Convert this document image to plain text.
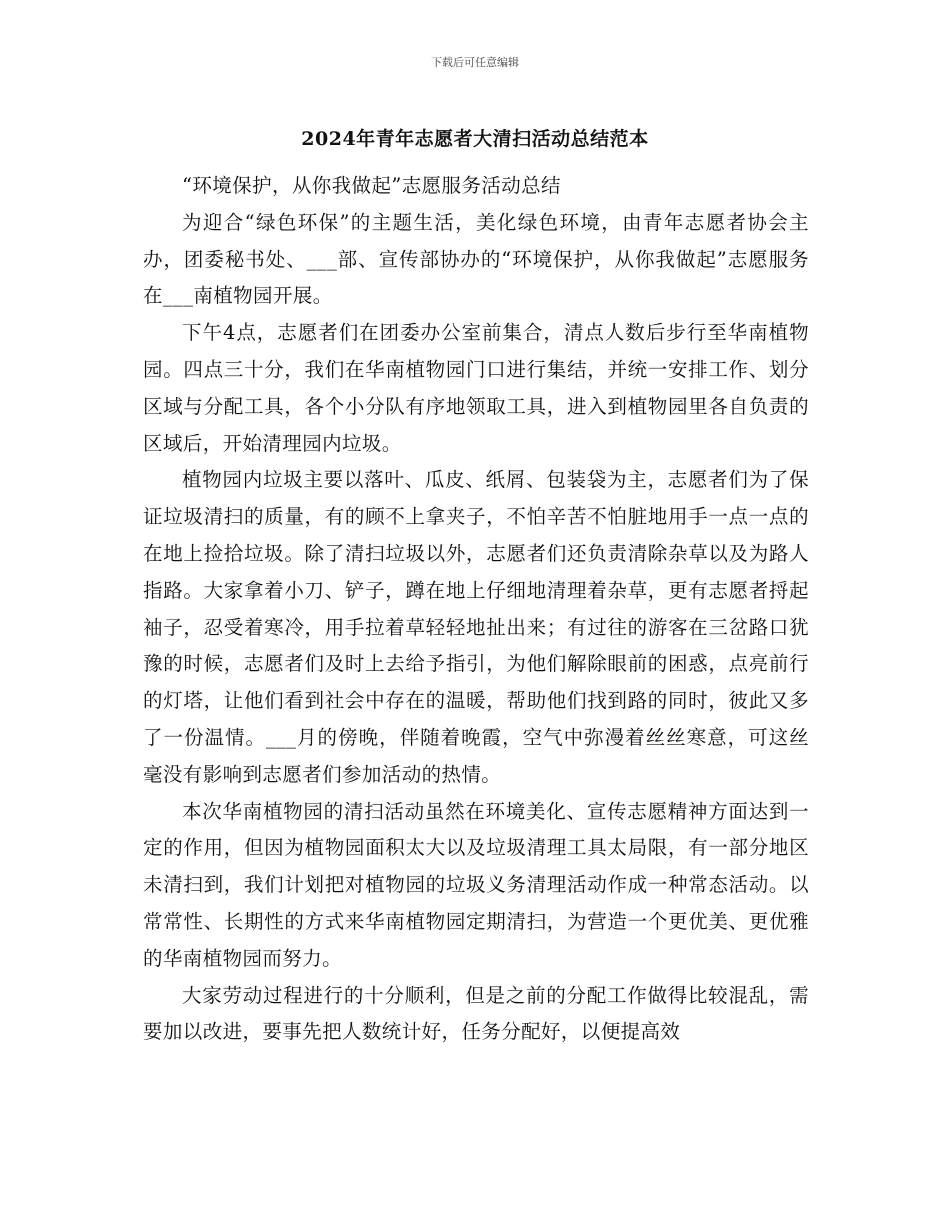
下载后可任意编辑
2024年青年志愿者大清扫活动总结范本

“环境保护，从你我做起”志愿服务活动总结

为迎合“绿色环保”的主题生活，美化绿色环境，由青年志愿者协会主办，团委秘书处、___部、宣传部协办的“环境保护，从你我做起”志愿服务在___南植物园开展。

下午4点，志愿者们在团委办公室前集合，清点人数后步行至华南植物园。四点三十分，我们在华南植物园门口进行集结，并统一安排工作、划分区域与分配工具，各个小分队有序地领取工具，进入到植物园里各自负责的区域后，开始清理园内垃圾。

植物园内垃圾主要以落叶、瓜皮、纸屑、包装袋为主，志愿者们为了保证垃圾清扫的质量，有的顾不上拿夹子，不怕辛苦不怕脏地用手一点一点的在地上捡拾垃圾。除了清扫垃圾以外，志愿者们还负责清除杂草以及为路人指路。大家拿着小刀、铲子，蹲在地上仔细地清理着杂草，更有志愿者捋起袖子，忍受着寒冷，用手拉着草轻轻地扯出来；有过往的游客在三岔路口犹豫的时候，志愿者们及时上去给予指引，为他们解除眼前的困惑，点亮前行的灯塔，让他们看到社会中存在的温暖，帮助他们找到路的同时，彼此又多了一份温情。___月的傍晚，伴随着晚霞，空气中弥漫着丝丝寒意，可这丝毫没有影响到志愿者们参加活动的热情。

本次华南植物园的清扫活动虽然在环境美化、宣传志愿精神方面达到一定的作用，但因为植物园面积太大以及垃圾清理工具太局限，有一部分地区未清扫到，我们计划把对植物园的垃圾义务清理活动作成一种常态活动。以常常性、长期性的方式来华南植物园定期清扫，为营造一个更优美、更优雅的华南植物园而努力。

大家劳动过程进行的十分顺利，但是之前的分配工作做得比较混乱，需要加以改进，要事先把人数统计好，任务分配好，以便提高效
